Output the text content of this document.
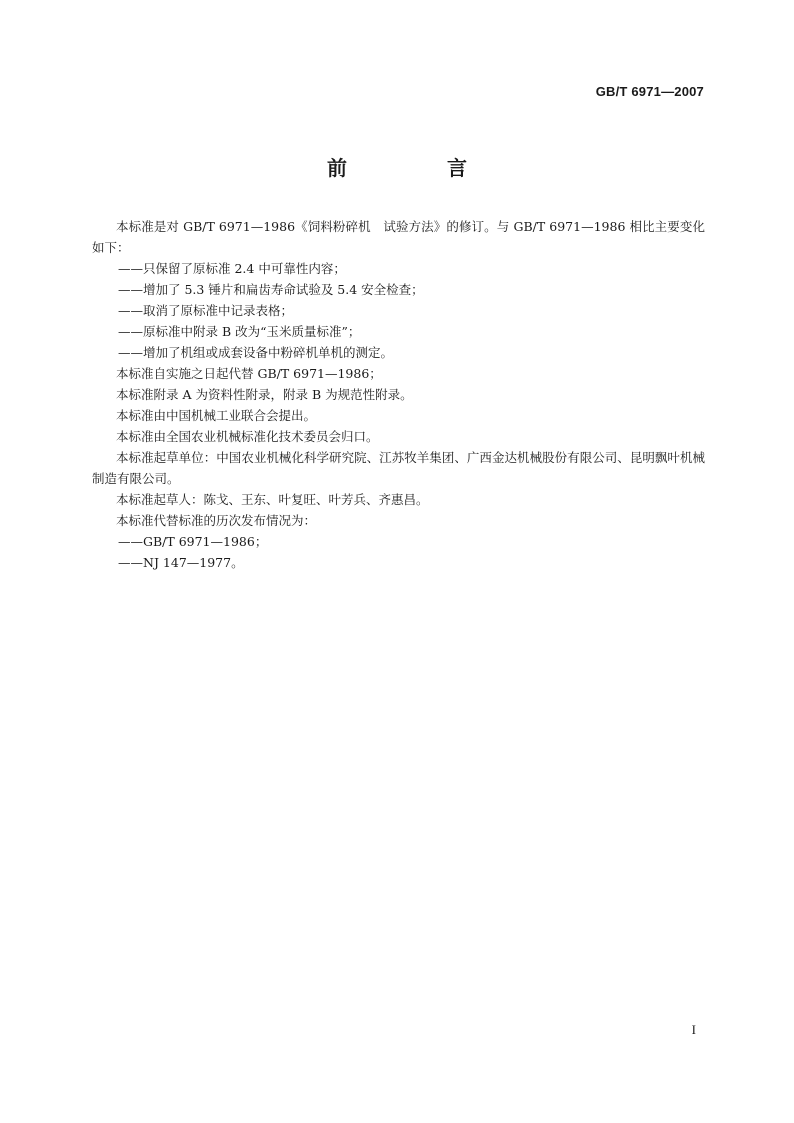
GB/T 6971—2007
前　言

本标准是对 GB/T 6971—1986《饲料粉碎机　试验方法》的修订。与 GB/T 6971—1986 相比主要变化如下：

——只保留了原标准 2.4 中可靠性内容；

——增加了 5.3 锤片和扁齿寿命试验及 5.4 安全检查；

——取消了原标准中记录表格；

——原标准中附录 B 改为“玉米质量标准”；

——增加了机组或成套设备中粉碎机单机的测定。

本标准自实施之日起代替 GB/T 6971—1986；

本标准附录 A 为资料性附录，附录 B 为规范性附录。

本标准由中国机械工业联合会提出。

本标准由全国农业机械标准化技术委员会归口。

本标准起草单位：中国农业机械化科学研究院、江苏牧羊集团、广西金达机械股份有限公司、昆明飘叶机械制造有限公司。

本标准起草人：陈戈、王东、叶复旺、叶芳兵、齐惠昌。

本标准代替标准的历次发布情况为：

——GB/T 6971—1986；

——NJ 147—1977。

I
